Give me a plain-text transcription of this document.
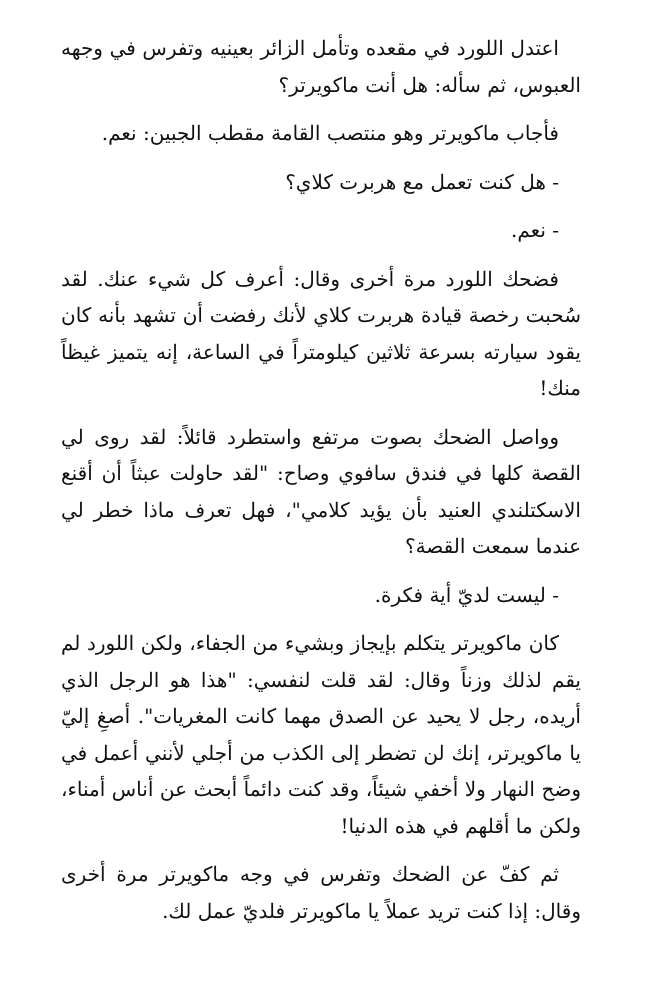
اعتدل اللورد في مقعده وتأمل الزائر بعينيه وتفرس في وجهه العبوس، ثم سأله: هل أنت ماكويرتر؟

فأجاب ماكويرتر وهو منتصب القامة مقطب الجبين: نعم.

- هل كنت تعمل مع هربرت كلاي؟

- نعم.

فضحك اللورد مرة أخرى وقال: أعرف كل شيء عنك. لقد سُحبت رخصة قيادة هربرت كلاي لأنك رفضت أن تشهد بأنه كان يقود سيارته بسرعة ثلاثين كيلومتراً في الساعة، إنه يتميز غيظاً منك!

وواصل الضحك بصوت مرتفع واستطرد قائلاً: لقد روى لي القصة كلها في فندق سافوي وصاح: "لقد حاولت عبثاً أن أقنع الاسكتلندي العنيد بأن يؤيد كلامي"، فهل تعرف ماذا خطر لي عندما سمعت القصة؟

- ليست لديّ أية فكرة.

كان ماكويرتر يتكلم بإيجاز وبشيء من الجفاء، ولكن اللورد لم يقم لذلك وزناً وقال: لقد قلت لنفسي: "هذا هو الرجل الذي أريده، رجل لا يحيد عن الصدق مهما كانت المغريات". أصغِ إليّ يا ماكويرتر، إنك لن تضطر إلى الكذب من أجلي لأنني أعمل في وضح النهار ولا أخفي شيئاً، وقد كنت دائماً أبحث عن أناس أمناء، ولكن ما أقلهم في هذه الدنيا!

ثم كفّ عن الضحك وتفرس في وجه ماكويرتر مرة أخرى وقال: إذا كنت تريد عملاً يا ماكويرتر فلديّ عمل لك.
